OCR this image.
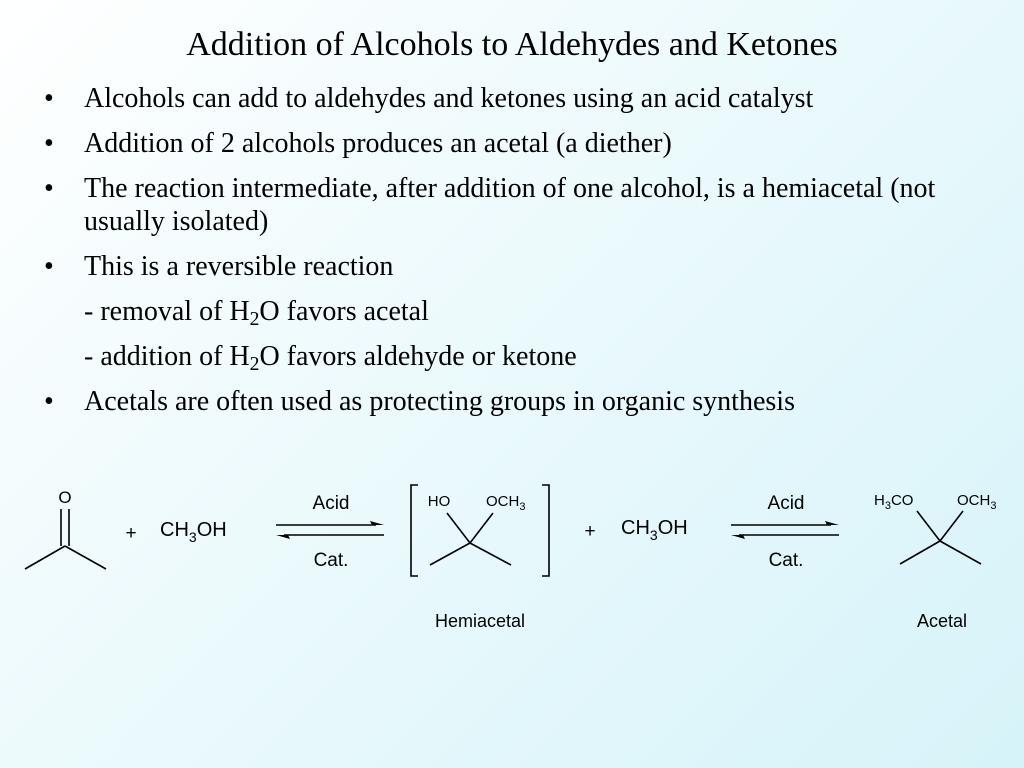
Addition of Alcohols to Aldehydes and Ketones
• Alcohols can add to aldehydes and ketones using an acid catalyst
• Addition of 2 alcohols produces an acetal (a diether)
• The reaction intermediate, after addition of one alcohol, is a hemiacetal (not usually isolated)
• This is a reversible reaction
- removal of $H_2O$ favors acetal
- addition of $H_2O$ favors aldehyde or ketone
• Acetals are often used as protecting groups in organic synthesis
O
+ $CH_3OH$
Acid
Cat.
HO $OCH_3$
Hemiacetal
+ $CH_3OH$
Acid
Cat.
$H_3CO$	$OCH_3$
Acetal
